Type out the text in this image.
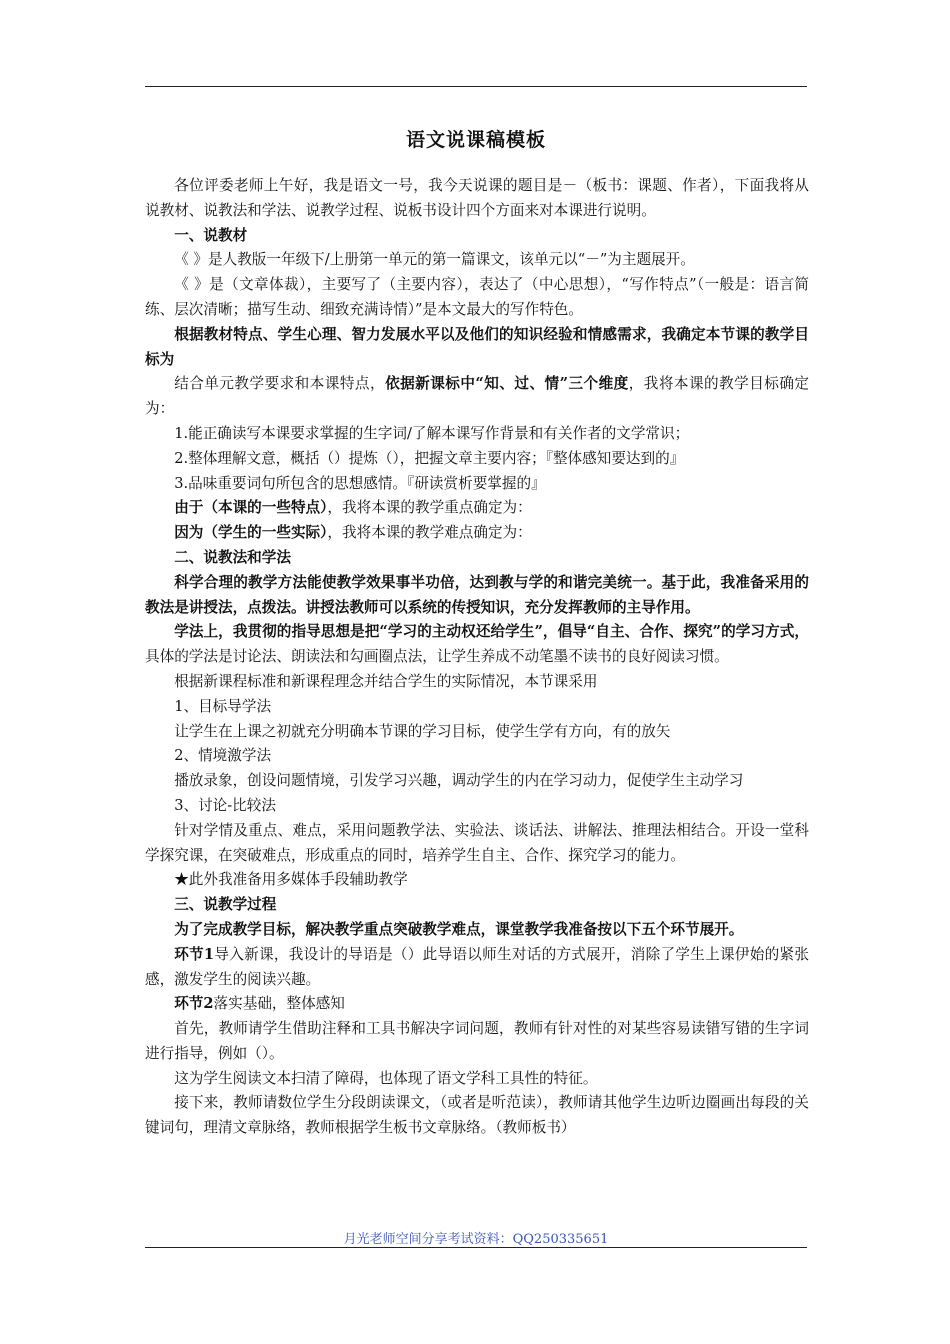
语文说课稿模板

各位评委老师上午好，我是语文一号，我今天说课的题目是－（板书：课题、作者），下面我将从说教材、说教法和学法、说教学过程、说板书设计四个方面来对本课进行说明。

一、说教材

《 》是人教版一年级下/上册第一单元的第一篇课文，该单元以“－”为主题展开。

《 》是（文章体裁），主要写了（主要内容），表达了（中心思想），“写作特点”（一般是：语言简练、层次清晰；描写生动、细致充满诗情）”是本文最大的写作特色。

根据教材特点、学生心理、智力发展水平以及他们的知识经验和情感需求，我确定本节课的教学目标为

结合单元教学要求和本课特点，依据新课标中“知、过、情”三个维度，我将本课的教学目标确定为：

1.能正确读写本课要求掌握的生字词/了解本课写作背景和有关作者的文学常识；

2.整体理解文意，概括（）提炼（），把握文章主要内容；『整体感知要达到的』

3.品味重要词句所包含的思想感情。『研读赏析要掌握的』

由于（本课的一些特点），我将本课的教学重点确定为：

因为（学生的一些实际），我将本课的教学难点确定为：

二、说教法和学法

科学合理的教学方法能使教学效果事半功倍，达到教与学的和谐完美统一。基于此，我准备采用的教法是讲授法，点拨法。讲授法教师可以系统的传授知识，充分发挥教师的主导作用。

学法上，我贯彻的指导思想是把“学习的主动权还给学生”，倡导“自主、合作、探究”的学习方式，具体的学法是讨论法、朗读法和勾画圈点法，让学生养成不动笔墨不读书的良好阅读习惯。

根据新课程标准和新课程理念并结合学生的实际情况，本节课采用

1、目标导学法

让学生在上课之初就充分明确本节课的学习目标，使学生学有方向，有的放矢

2、情境激学法

播放录象，创设问题情境，引发学习兴趣，调动学生的内在学习动力，促使学生主动学习

3、讨论-比较法

针对学情及重点、难点，采用问题教学法、实验法、谈话法、讲解法、推理法相结合。开设一堂科学探究课，在突破难点，形成重点的同时，培养学生自主、合作、探究学习的能力。

★此外我准备用多媒体手段辅助教学

三、说教学过程

为了完成教学目标，解决教学重点突破教学难点，课堂教学我准备按以下五个环节展开。

环节1导入新课，我设计的导语是（）此导语以师生对话的方式展开，消除了学生上课伊始的紧张感，激发学生的阅读兴趣。

环节2落实基础，整体感知

首先，教师请学生借助注释和工具书解决字词问题，教师有针对性的对某些容易读错写错的生字词进行指导，例如（）。

这为学生阅读文本扫清了障碍，也体现了语文学科工具性的特征。

接下来，教师请数位学生分段朗读课文，（或者是听范读），教师请其他学生边听边圈画出每段的关键词句，理清文章脉络，教师根据学生板书文章脉络。（教师板书）

月光老师空间分享考试资料：QQ250335651
